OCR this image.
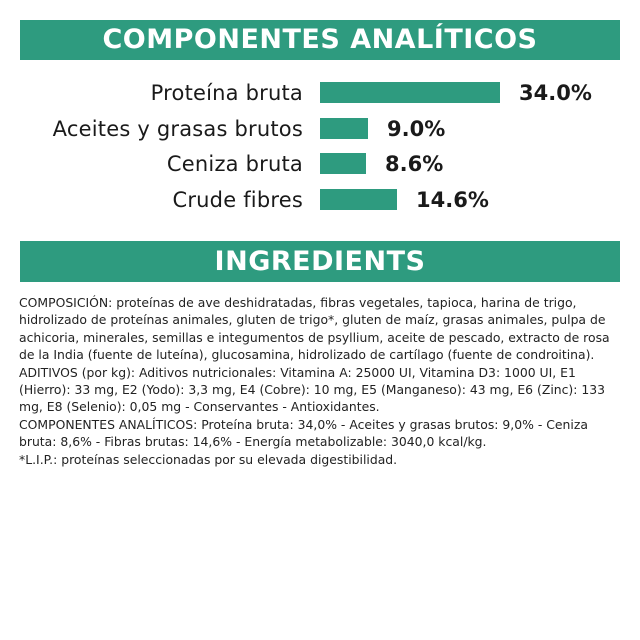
COMPONENTES ANALÍTICOS
Proteína bruta	34.0%
Aceites y grasas brutos	9.0%
Ceniza bruta	8.6%
Crude fibres	14.6%
INGREDIENTS

COMPOSICIÓN: proteínas de ave deshidratadas, fibras vegetales, tapioca, harina de trigo, hidrolizado de proteínas animales, gluten de trigo*, gluten de maíz, grasas animales, pulpa de achicoria, minerales, semillas e integumentos de psyllium, aceite de pescado, extracto de rosa de la India (fuente de luteína), glucosamina, hidrolizado de cartílago (fuente de condroitina).

ADITIVOS (por kg): Aditivos nutricionales: Vitamina A: 25000 UI, Vitamina D3: 1000 UI, E1 (Hierro): 33 mg, E2 (Yodo): 3,3 mg, E4 (Cobre): 10 mg, E5 (Manganeso): 43 mg, E6 (Zinc): 133 mg, E8 (Selenio): 0,05 mg - Conservantes - Antioxidantes.

COMPONENTES ANALÍTICOS: Proteína bruta: 34,0% - Aceites y grasas brutos: 9,0% - Ceniza bruta: 8,6% - Fibras brutas: 14,6% - Energía metabolizable: 3040,0 kcal/kg.

*L.I.P.: proteínas seleccionadas por su elevada digestibilidad.
